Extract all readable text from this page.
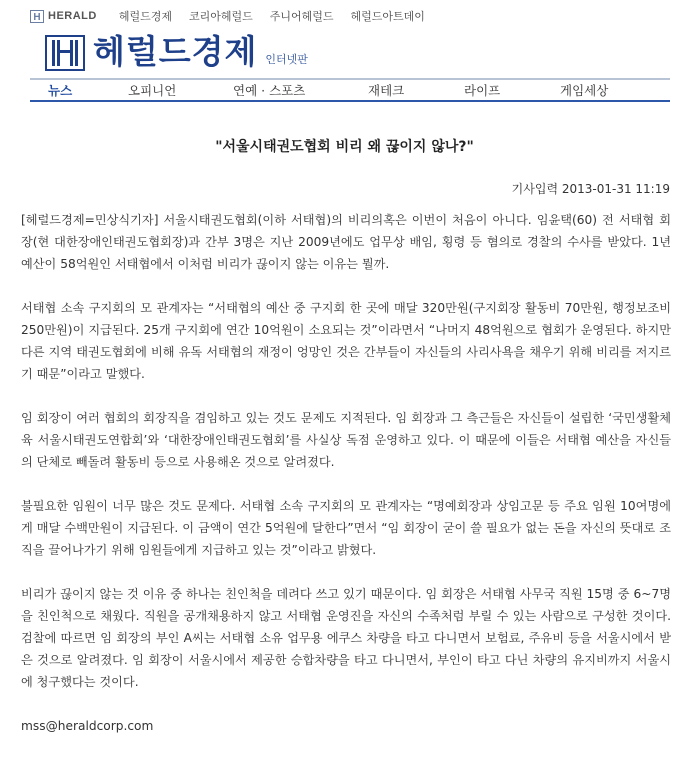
H HERALD 헤럴드경제 코리아헤럴드 주니어헤럴드 헤럴드아트데이
헤럴드경제 인터넷판
뉴스	오피니언	연예 · 스포츠	재테크	라이프	게임세상
"서울시태권도협회 비리 왜 끊이지 않나?"
기사입력 2013-01-31 11:19

[헤럴드경제=민상식기자] 서울시태권도협회(이하 서태협)의 비리의혹은 이번이 처음이 아니다. 임윤택(60) 전 서태협 회장(현 대한장애인태권도협회장)과 간부 3명은 지난 2009년에도 업무상 배임, 횡령 등 혐의로 경찰의 수사를 받았다. 1년 예산이 58억원인 서태협에서 이처럼 비리가 끊이지 않는 이유는 뭘까.

서태협 소속 구지회의 모 관계자는 “서태협의 예산 중 구지회 한 곳에 매달 320만원(구지회장 활동비 70만원, 행정보조비 250만원)이 지급된다. 25개 구지회에 연간 10억원이 소요되는 것”이라면서 “나머지 48억원으로 협회가 운영된다. 하지만 다른 지역 태권도협회에 비해 유독 서태협의 재정이 엉망인 것은 간부들이 자신들의 사리사욕을 채우기 위해 비리를 저지르기 때문”이라고 말했다.

임 회장이 여러 협회의 회장직을 겸임하고 있는 것도 문제도 지적된다. 임 회장과 그 측근들은 자신들이 설립한 ‘국민생활체육 서울시태권도연합회’와 ‘대한장애인태권도협회’를 사실상 독점 운영하고 있다. 이 때문에 이들은 서태협 예산을 자신들의 단체로 빼돌려 활동비 등으로 사용해온 것으로 알려졌다.

불필요한 임원이 너무 많은 것도 문제다. 서태협 소속 구지회의 모 관계자는 “명예회장과 상임고문 등 주요 임원 10여명에게 매달 수백만원이 지급된다. 이 금액이 연간 5억원에 달한다”면서 “임 회장이 굳이 쓸 필요가 없는 돈을 자신의 뜻대로 조직을 끌어나가기 위해 임원들에게 지급하고 있는 것”이라고 밝혔다.

비리가 끊이지 않는 것 이유 중 하나는 친인척을 데려다 쓰고 있기 때문이다. 임 회장은 서태협 사무국 직원 15명 중 6~7명을 친인척으로 채웠다. 직원을 공개채용하지 않고 서태협 운영진을 자신의 수족처럼 부릴 수 있는 사람으로 구성한 것이다. 검찰에 따르면 임 회장의 부인 A씨는 서태협 소유 업무용 에쿠스 차량을 타고 다니면서 보험료, 주유비 등을 서울시에서 받은 것으로 알려졌다. 임 회장이 서울시에서 제공한 승합차량을 타고 다니면서, 부인이 타고 다닌 차량의 유지비까지 서울시에 청구했다는 것이다.

mss@heraldcorp.com
